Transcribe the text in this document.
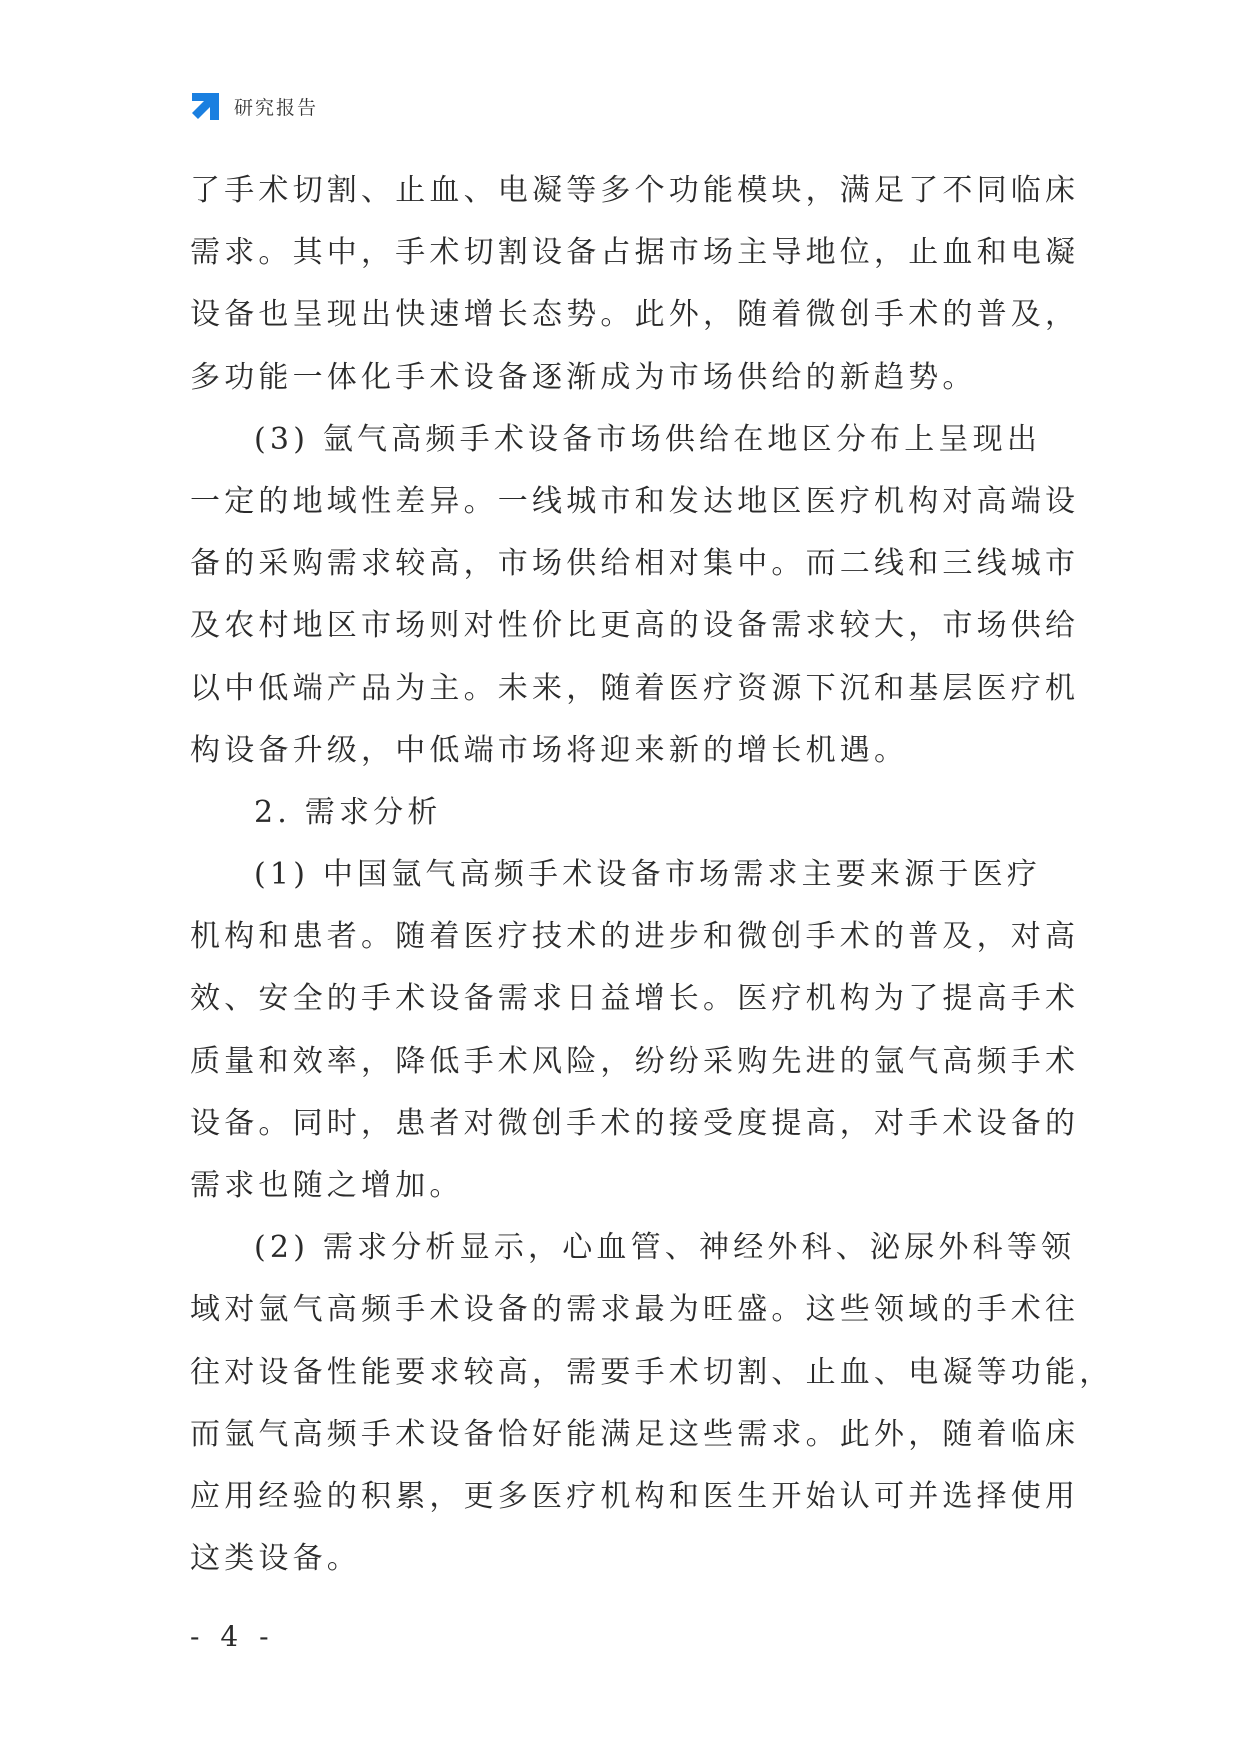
研究报告
了手术切割、止血、电凝等多个功能模块，满足了不同临床
需求。其中，手术切割设备占据市场主导地位，止血和电凝
设备也呈现出快速增长态势。此外，随着微创手术的普及，
多功能一体化手术设备逐渐成为市场供给的新趋势。
(3) 氩气高频手术设备市场供给在地区分布上呈现出
一定的地域性差异。一线城市和发达地区医疗机构对高端设
备的采购需求较高，市场供给相对集中。而二线和三线城市
及农村地区市场则对性价比更高的设备需求较大，市场供给
以中低端产品为主。未来，随着医疗资源下沉和基层医疗机
构设备升级，中低端市场将迎来新的增长机遇。
2. 需求分析
(1) 中国氩气高频手术设备市场需求主要来源于医疗
机构和患者。随着医疗技术的进步和微创手术的普及，对高
效、安全的手术设备需求日益增长。医疗机构为了提高手术
质量和效率，降低手术风险，纷纷采购先进的氩气高频手术
设备。同时，患者对微创手术的接受度提高，对手术设备的
需求也随之增加。
(2) 需求分析显示，心血管、神经外科、泌尿外科等领
域对氩气高频手术设备的需求最为旺盛。这些领域的手术往
往对设备性能要求较高，需要手术切割、止血、电凝等功能，
而氩气高频手术设备恰好能满足这些需求。此外，随着临床
应用经验的积累，更多医疗机构和医生开始认可并选择使用
这类设备。
- 4 -
